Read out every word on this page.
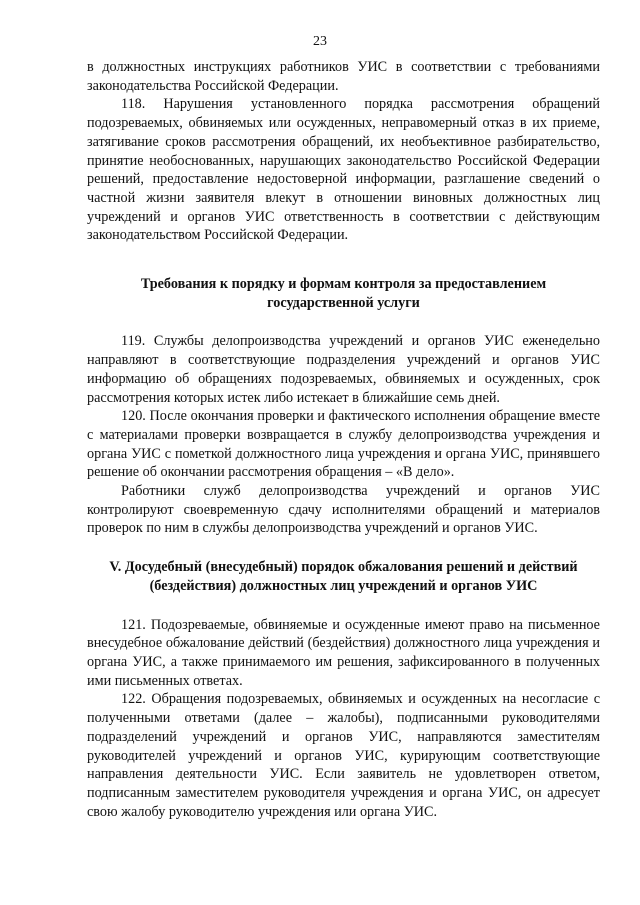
23

в должностных инструкциях работников УИС в соответствии с требованиями законодательства Российской Федерации.

118. Нарушения установленного порядка рассмотрения обращений подозреваемых, обвиняемых или осужденных, неправомерный отказ в их приеме, затягивание сроков рассмотрения обращений, их необъективное разбирательство, принятие необоснованных, нарушающих законодательство Российской Федерации решений, предоставление недостоверной информации, разглашение сведений о частной жизни заявителя влекут в отношении виновных должностных лиц учреждений и органов УИС ответственность в соответствии с действующим законодательством Российской Федерации.

Требования к порядку и формам контроля за предоставлением государственной услуги

119. Службы делопроизводства учреждений и органов УИС еженедельно направляют в соответствующие подразделения учреждений и органов УИС информацию об обращениях подозреваемых, обвиняемых и осужденных, срок рассмотрения которых истек либо истекает в ближайшие семь дней.

120. После окончания проверки и фактического исполнения обращение вместе с материалами проверки возвращается в службу делопроизводства учреждения и органа УИС с пометкой должностного лица учреждения и органа УИС, принявшего решение об окончании рассмотрения обращения – «В дело».

Работники служб делопроизводства учреждений и органов УИС контролируют своевременную сдачу исполнителями обращений и материалов проверок по ним в службы делопроизводства учреждений и органов УИС.

V. Досудебный (внесудебный) порядок обжалования решений и действий (бездействия) должностных лиц учреждений и органов УИС

121. Подозреваемые, обвиняемые и осужденные имеют право на письменное внесудебное обжалование действий (бездействия) должностного лица учреждения и органа УИС, а также принимаемого им решения, зафиксированного в полученных ими письменных ответах.

122. Обращения подозреваемых, обвиняемых и осужденных на несогласие с полученными ответами (далее – жалобы), подписанными руководителями подразделений учреждений и органов УИС, направляются заместителям руководителей учреждений и органов УИС, курирующим соответствующие направления деятельности УИС. Если заявитель не удовлетворен ответом, подписанным заместителем руководителя учреждения и органа УИС, он адресует свою жалобу руководителю учреждения или органа УИС.
